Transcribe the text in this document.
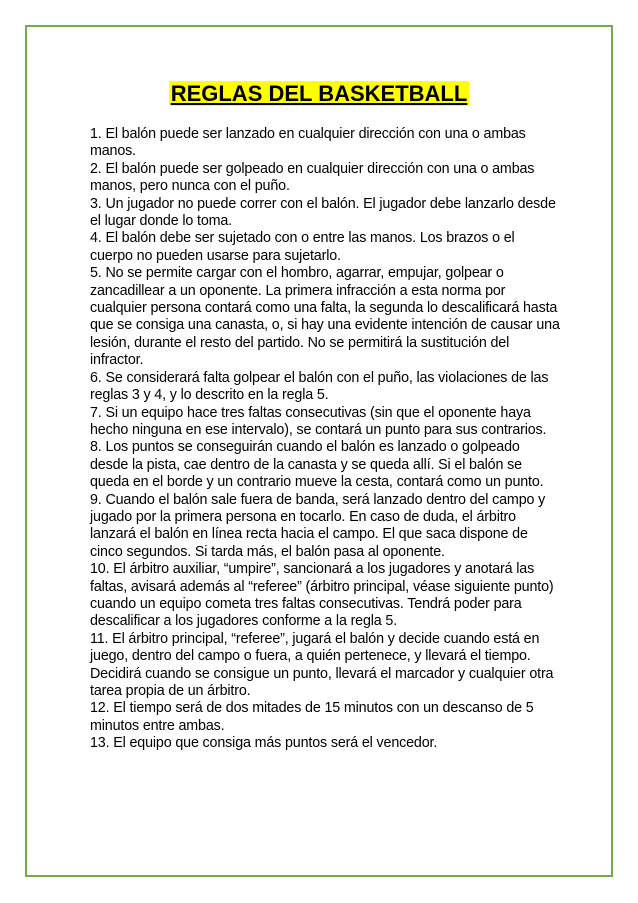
REGLAS DEL BASKETBALL
1. El balón puede ser lanzado en cualquier dirección con una o ambas manos.
2. El balón puede ser golpeado en cualquier dirección con una o ambas manos, pero nunca con el puño.
3. Un jugador no puede correr con el balón. El jugador debe lanzarlo desde el lugar donde lo toma.
4. El balón debe ser sujetado con o entre las manos. Los brazos o el cuerpo no pueden usarse para sujetarlo.
5. No se permite cargar con el hombro, agarrar, empujar, golpear o zancadillear a un oponente. La primera infracción a esta norma por cualquier persona contará como una falta, la segunda lo descalificará hasta que se consiga una canasta, o, si hay una evidente intención de causar una lesión, durante el resto del partido. No se permitirá la sustitución del infractor.
6. Se considerará falta golpear el balón con el puño, las violaciones de las reglas 3 y 4, y lo descrito en la regla 5.
7. Si un equipo hace tres faltas consecutivas (sin que el oponente haya hecho ninguna en ese intervalo), se contará un punto para sus contrarios.
8. Los puntos se conseguirán cuando el balón es lanzado o golpeado desde la pista, cae dentro de la canasta y se queda allí. Si el balón se queda en el borde y un contrario mueve la cesta, contará como un punto.
9. Cuando el balón sale fuera de banda, será lanzado dentro del campo y jugado por la primera persona en tocarlo. En caso de duda, el árbitro lanzará el balón en línea recta hacia el campo. El que saca dispone de cinco segundos. Si tarda más, el balón pasa al oponente.
10. El árbitro auxiliar, “umpire”, sancionará a los jugadores y anotará las faltas, avisará además al “referee” (árbitro principal, véase siguiente punto) cuando un equipo cometa tres faltas consecutivas. Tendrá poder para descalificar a los jugadores conforme a la regla 5.
11. El árbitro principal, “referee”, jugará el balón y decide cuando está en juego, dentro del campo o fuera, a quién pertenece, y llevará el tiempo. Decidirá cuando se consigue un punto, llevará el marcador y cualquier otra tarea propia de un árbitro.
12. El tiempo será de dos mitades de 15 minutos con un descanso de 5 minutos entre ambas.
13. El equipo que consiga más puntos será el vencedor.
